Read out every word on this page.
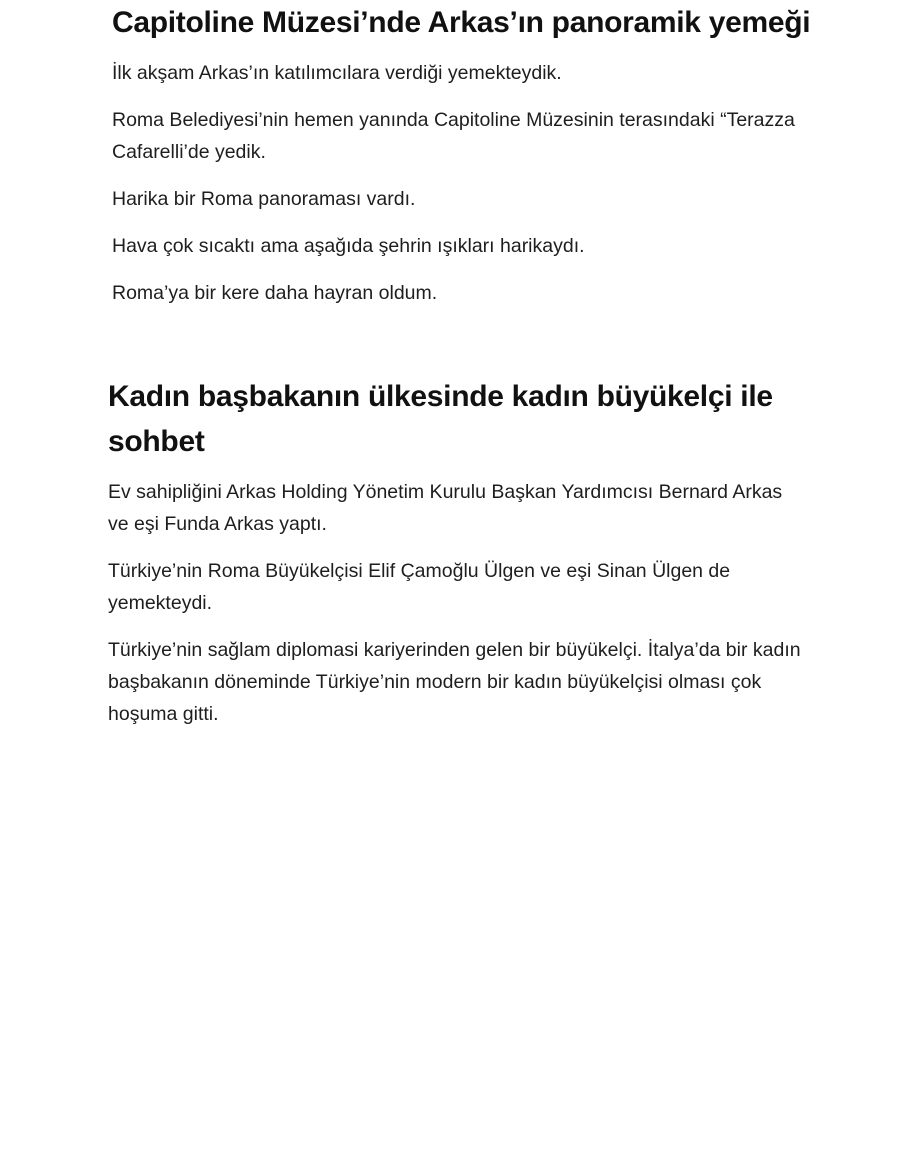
Capitoline Müzesi’nde Arkas’ın panoramik yemeği

İlk akşam Arkas’ın katılımcılara verdiği yemekteydik.

Roma Belediyesi’nin hemen yanında Capitoline Müzesinin terasındaki “Terazza Cafarelli’de yedik.

Harika bir Roma panoraması vardı.

Hava çok sıcaktı ama aşağıda şehrin ışıkları harikaydı.

Roma’ya bir kere daha hayran oldum.

Kadın başbakanın ülkesinde kadın büyükelçi ile sohbet

Ev sahipliğini Arkas Holding Yönetim Kurulu Başkan Yardımcısı Bernard Arkas ve eşi Funda Arkas yaptı.

Türkiye’nin Roma Büyükelçisi Elif Çamoğlu Ülgen ve eşi Sinan Ülgen de yemekteydi.

Türkiye’nin sağlam diplomasi kariyerinden gelen bir büyükelçi. İtalya’da bir kadın başbakanın döneminde Türkiye’nin modern bir kadın büyükelçisi olması çok hoşuma gitti.
